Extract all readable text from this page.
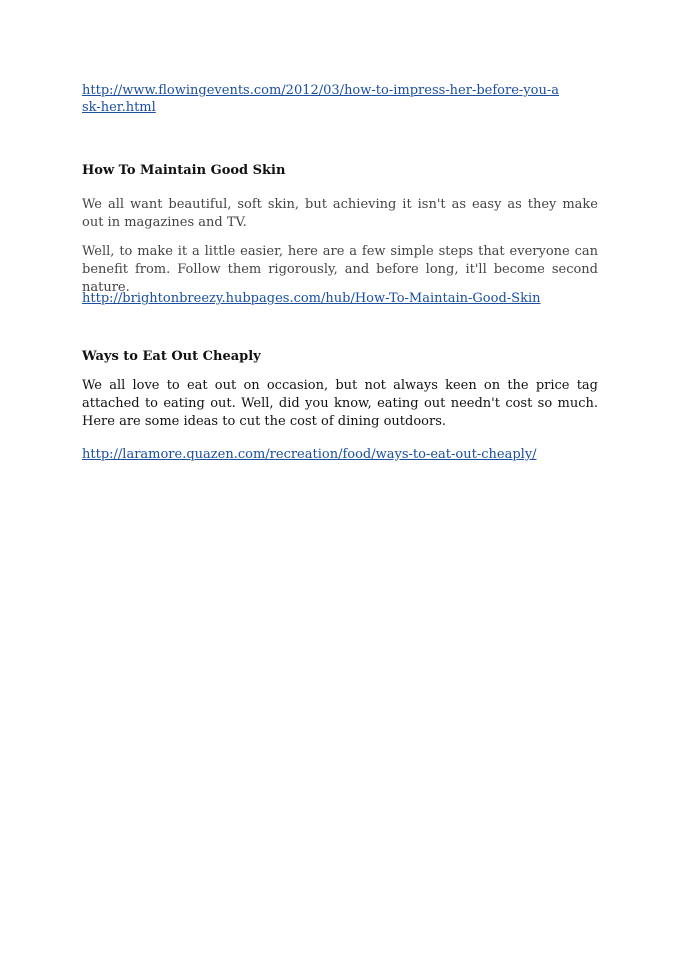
http://www.flowingevents.com/2012/03/how-to-impress-her-before-you-ask-her.html
How To Maintain Good Skin

We all want beautiful, soft skin, but achieving it isn't as easy as they make out in magazines and TV.

Well, to make it a little easier, here are a few simple steps that everyone can benefit from. Follow them rigorously, and before long, it'll become second nature.

http://brightonbreezy.hubpages.com/hub/How-To-Maintain-Good-Skin
Ways to Eat Out Cheaply

We all love to eat out on occasion, but not always keen on the price tag attached to eating out. Well, did you know, eating out needn't cost so much. Here are some ideas to cut the cost of dining outdoors.

http://laramore.quazen.com/recreation/food/ways-to-eat-out-cheaply/
